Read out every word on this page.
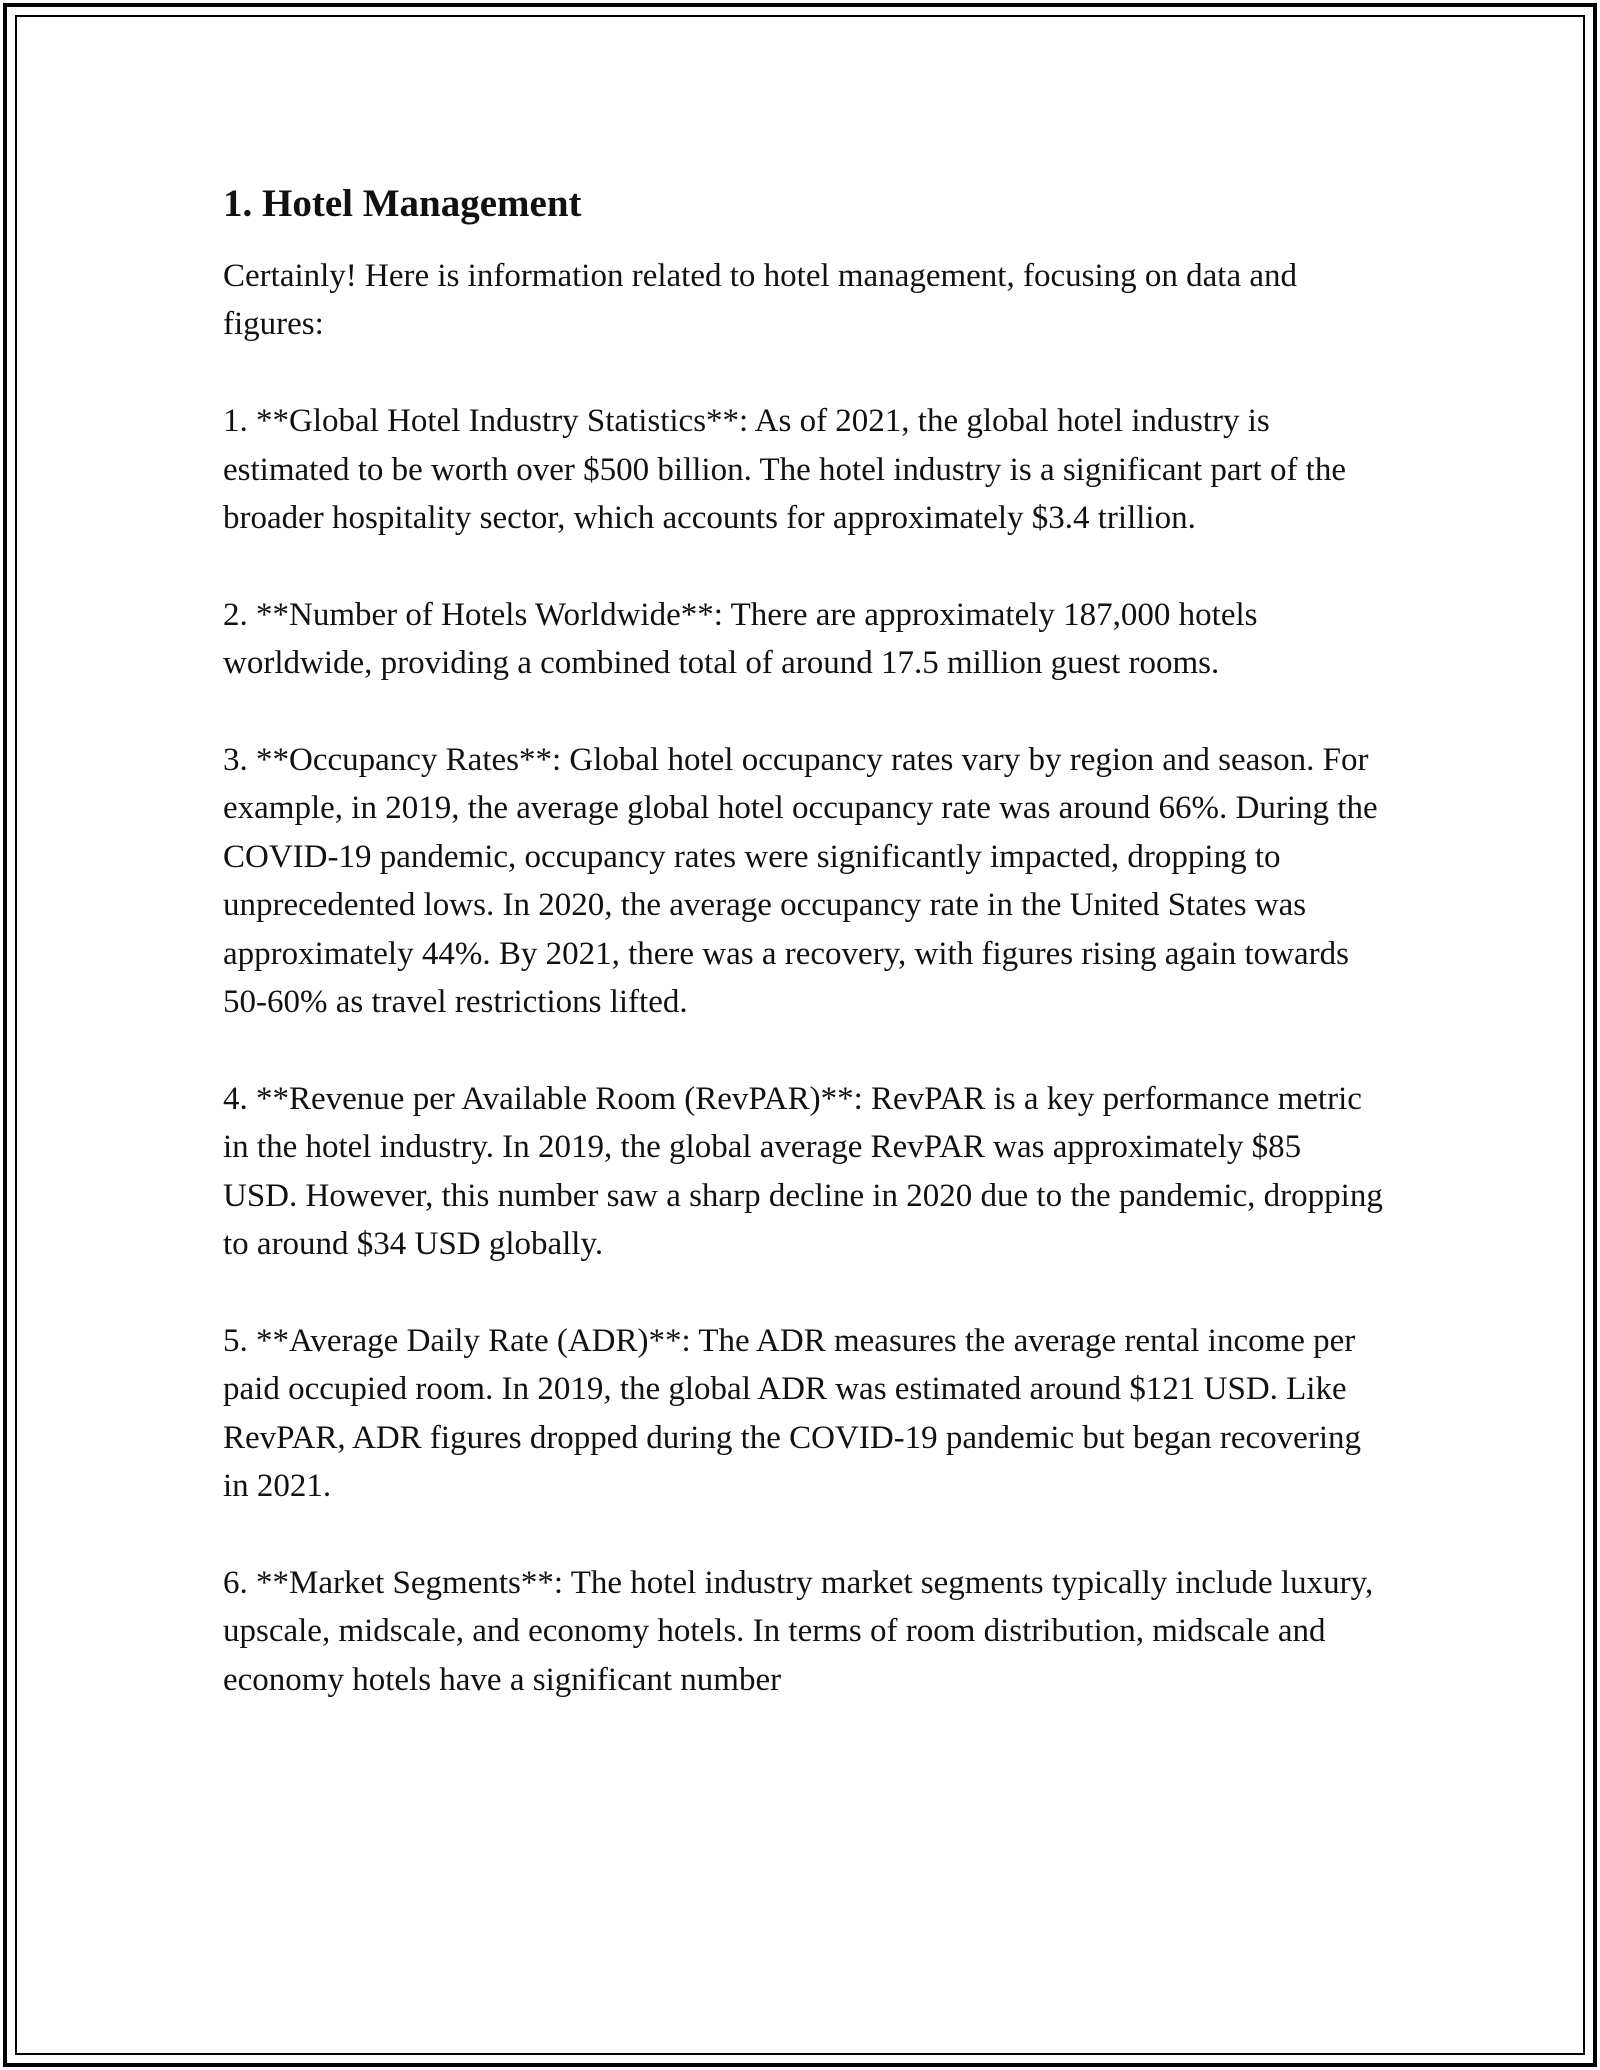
1. Hotel Management

Certainly! Here is information related to hotel management, focusing on data and figures:

1. **Global Hotel Industry Statistics**: As of 2021, the global hotel industry is estimated to be worth over $500 billion. The hotel industry is a significant part of the broader hospitality sector, which accounts for approximately $3.4 trillion.

2. **Number of Hotels Worldwide**: There are approximately 187,000 hotels worldwide, providing a combined total of around 17.5 million guest rooms.

3. **Occupancy Rates**: Global hotel occupancy rates vary by region and season. For example, in 2019, the average global hotel occupancy rate was around 66%. During the COVID-19 pandemic, occupancy rates were significantly impacted, dropping to unprecedented lows. In 2020, the average occupancy rate in the United States was approximately 44%. By 2021, there was a recovery, with figures rising again towards 50-60% as travel restrictions lifted.

4. **Revenue per Available Room (RevPAR)**: RevPAR is a key performance metric in the hotel industry. In 2019, the global average RevPAR was approximately $85 USD. However, this number saw a sharp decline in 2020 due to the pandemic, dropping to around $34 USD globally.

5. **Average Daily Rate (ADR)**: The ADR measures the average rental income per paid occupied room. In 2019, the global ADR was estimated around $121 USD. Like RevPAR, ADR figures dropped during the COVID-19 pandemic but began recovering in 2021.

6. **Market Segments**: The hotel industry market segments typically include luxury, upscale, midscale, and economy hotels. In terms of room distribution, midscale and economy hotels have a significant number
